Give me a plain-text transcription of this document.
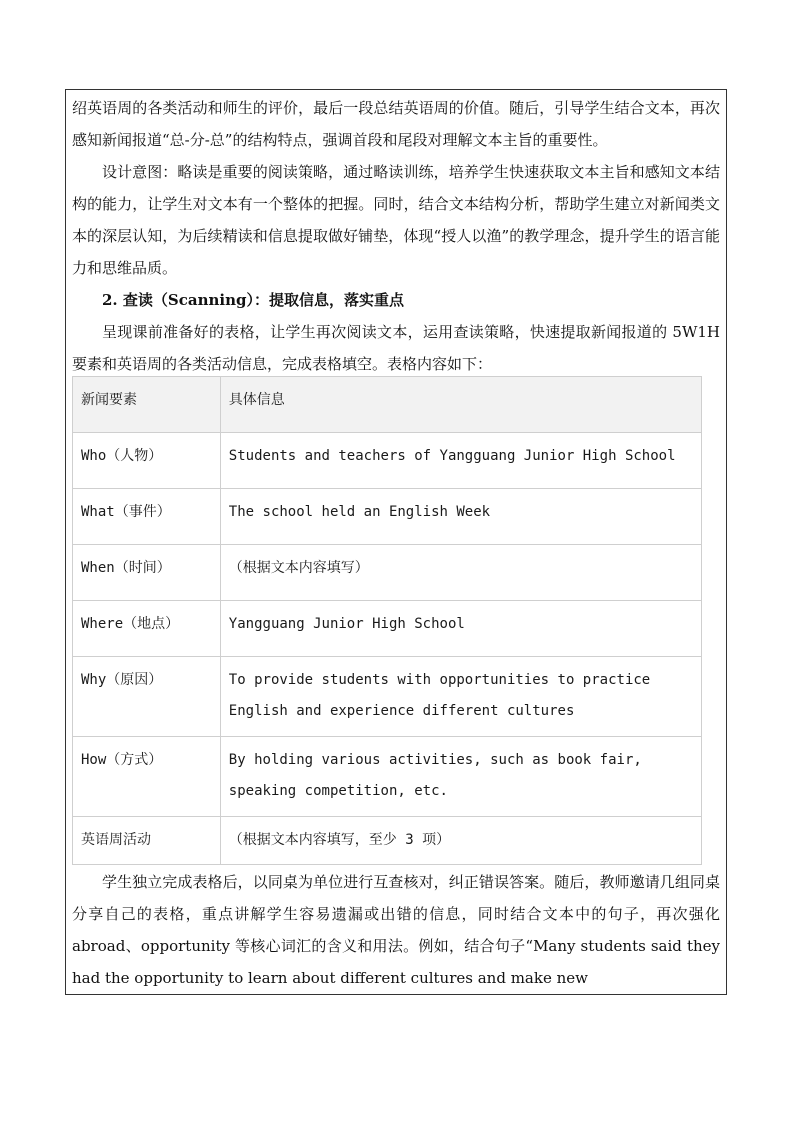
绍英语周的各类活动和师生的评价，最后一段总结英语周的价值。随后，引导学生结合文本，再次感知新闻报道“总-分-总”的结构特点，强调首段和尾段对理解文本主旨的重要性。

设计意图：略读是重要的阅读策略，通过略读训练，培养学生快速获取文本主旨和感知文本结构的能力，让学生对文本有一个整体的把握。同时，结合文本结构分析，帮助学生建立对新闻类文本的深层认知，为后续精读和信息提取做好铺垫，体现“授人以渔”的教学理念，提升学生的语言能力和思维品质。

2. 查读（Scanning）：提取信息，落实重点

呈现课前准备好的表格，让学生再次阅读文本，运用查读策略，快速提取新闻报道的 5W1H 要素和英语周的各类活动信息，完成表格填空。表格内容如下：

新闻要素	具体信息
Who（人物）	Students and teachers of Yangguang Junior High School
What（事件）	The school held an English Week
When（时间）	（根据文本内容填写）
Where（地点）	Yangguang Junior High School
Why（原因）	To provide students with opportunities to practice English and experience different cultures
How（方式）	By holding various activities, such as book fair, speaking competition, etc.
英语周活动	（根据文本内容填写，至少 3 项）

学生独立完成表格后，以同桌为单位进行互查核对，纠正错误答案。随后，教师邀请几组同桌分享自己的表格，重点讲解学生容易遗漏或出错的信息，同时结合文本中的句子，再次强化 abroad、opportunity 等核心词汇的含义和用法。例如，结合句子“Many students said they had the opportunity to learn about different cultures and make new
